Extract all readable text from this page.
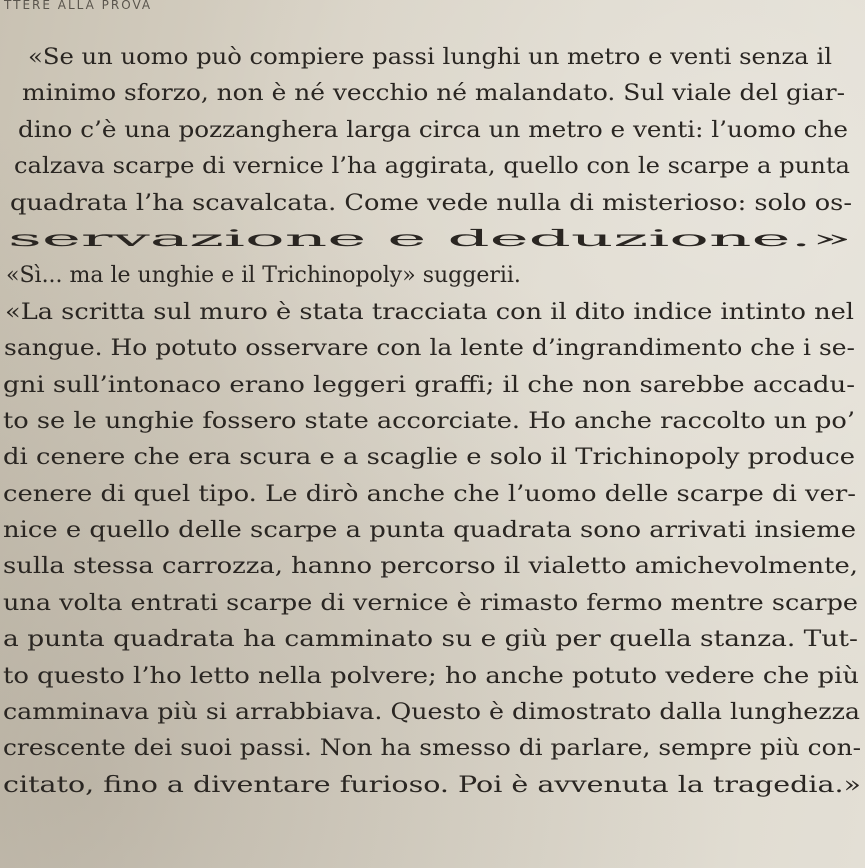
TTERE ALLA PROVA
«Se un uomo può compiere passi lunghi un metro e venti senza il
minimo sforzo, non è né vecchio né malandato. Sul viale del giar-
dino c’è una pozzanghera larga circa un metro e venti: l’uomo che
calzava scarpe di vernice l’ha aggirata, quello con le scarpe a punta
quadrata l’ha scavalcata. Come vede nulla di misterioso: solo os-
servazione e deduzione.»
«Sì... ma le unghie e il Trichinopoly» suggerii.
«La scritta sul muro è stata tracciata con il dito indice intinto nel
sangue. Ho potuto osservare con la lente d’ingrandimento che i se-
gni sull’intonaco erano leggeri graffi; il che non sarebbe accadu-
to se le unghie fossero state accorciate. Ho anche raccolto un po’
di cenere che era scura e a scaglie e solo il Trichinopoly produce
cenere di quel tipo. Le dirò anche che l’uomo delle scarpe di ver-
nice e quello delle scarpe a punta quadrata sono arrivati insieme
sulla stessa carrozza, hanno percorso il vialetto amichevolmente,
una volta entrati scarpe di vernice è rimasto fermo mentre scarpe
a punta quadrata ha camminato su e giù per quella stanza. Tut-
to questo l’ho letto nella polvere; ho anche potuto vedere che più
camminava più si arrabbiava. Questo è dimostrato dalla lunghezza
crescente dei suoi passi. Non ha smesso di parlare, sempre più con-
citato, fino a diventare furioso. Poi è avvenuta la tragedia.»
